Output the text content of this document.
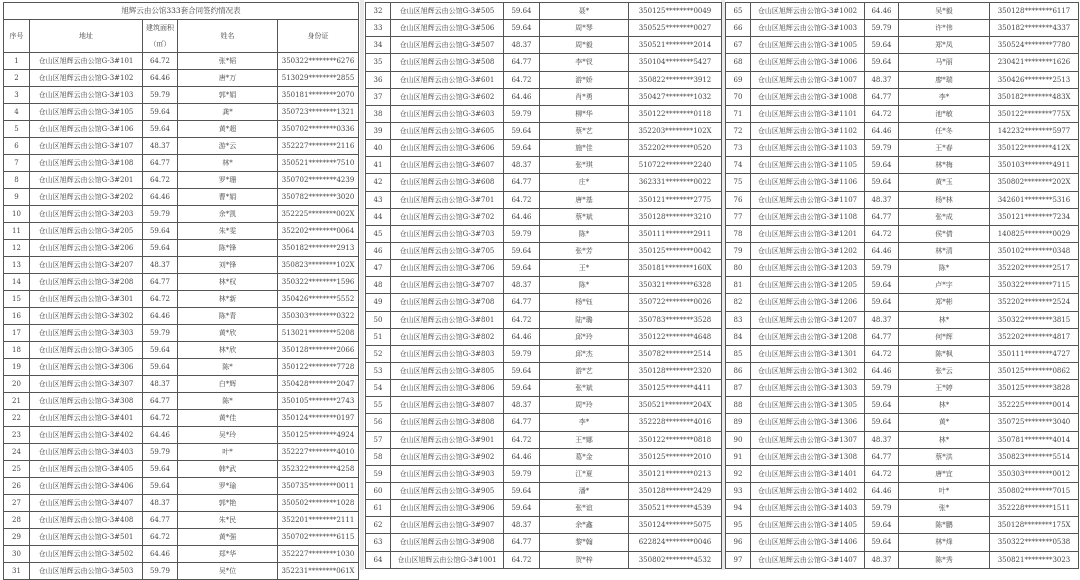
旭辉云由公馆333套合同签约情况表				
序号	地址	建筑面积（㎡）	姓名	身份证
1	仓山区旭辉云由公馆G-3#101	64.72	张*韬	350322********6276
2	仓山区旭辉云由公馆G-3#102	64.46	唐*万	513029********2855
3	仓山区旭辉云由公馆G-3#103	59.79	郭*娟	350181********2070
4	仓山区旭辉云由公馆G-3#105	59.64	龚*	350723********1321
5	仓山区旭辉云由公馆G-3#106	59.64	黄*超	350702********0336
6	仓山区旭辉云由公馆G-3#107	48.37	游*云	352227********2116
7	仓山区旭辉云由公馆G-3#108	64.77	林*	350521********7510
8	仓山区旭辉云由公馆G-3#201	64.72	罗*珊	350702********4239
9	仓山区旭辉云由公馆G-3#202	64.46	曹*娟	350782********3020
10	仓山区旭辉云由公馆G-3#203	59.79	余*凯	352225********002X
11	仓山区旭辉云由公馆G-3#205	59.64	朱*雯	352202********0064
12	仓山区旭辉云由公馆G-3#206	59.64	陈*锋	350182********2913
13	仓山区旭辉云由公馆G-3#207	48.37	刘*锋	350823********102X
14	仓山区旭辉云由公馆G-3#208	64.77	林*权	350322********1596
15	仓山区旭辉云由公馆G-3#301	64.72	林*新	350426********5552
16	仓山区旭辉云由公馆G-3#302	64.46	陈*青	350303********0322
17	仓山区旭辉云由公馆G-3#303	59.79	黄*欣	513021********5208
18	仓山区旭辉云由公馆G-3#305	59.64	林*欣	350128********2066
19	仓山区旭辉云由公馆G-3#306	59.64	陈*	350122********7728
20	仓山区旭辉云由公馆G-3#307	48.37	白*辉	350428********2047
21	仓山区旭辉云由公馆G-3#308	64.77	陈*	350105********2743
22	仓山区旭辉云由公馆G-3#401	64.72	黄*佳	350124********0197
23	仓山区旭辉云由公馆G-3#402	64.46	吴*玲	350125********4924
24	仓山区旭辉云由公馆G-3#403	59.79	叶*	352227********4010
25	仓山区旭辉云由公馆G-3#405	59.64	韩*武	352322********4258
26	仓山区旭辉云由公馆G-3#406	59.64	罗*瑜	350735********0011
27	仓山区旭辉云由公馆G-3#407	48.37	郭*艳	350502********1028
28	仓山区旭辉云由公馆G-3#408	64.77	朱*民	352201********2111
29	仓山区旭辉云由公馆G-3#501	64.72	黄*强	350702********6115
30	仓山区旭辉云由公馆G-3#502	64.46	郑*华	352227********1030
31	仓山区旭辉云由公馆G-3#503	59.79	吴*位	352231********061X
32	仓山区旭辉云由公馆G-3#505	59.64	聂*	350125********0049
33	仓山区旭辉云由公馆G-3#506	59.64	周*琴	350525********0027
34	仓山区旭辉云由公馆G-3#507	48.37	周*毅	350521********2014
35	仓山区旭辉云由公馆G-3#508	64.77	李*钗	350104********5427
36	仓山区旭辉云由公馆G-3#601	64.72	游*娇	350822********3912
37	仓山区旭辉云由公馆G-3#602	64.46	肖*勇	350427********1032
38	仓山区旭辉云由公馆G-3#603	59.79	柳*华	350122********0118
39	仓山区旭辉云由公馆G-3#605	59.64	蔡*艺	352203********102X
40	仓山区旭辉云由公馆G-3#606	59.64	施*佳	352202********0520
41	仓山区旭辉云由公馆G-3#607	48.37	张*琪	510722********2240
42	仓山区旭辉云由公馆G-3#608	64.77	庄*	362331********0022
43	仓山区旭辉云由公馆G-3#701	64.72	唐*基	350121********2775
44	仓山区旭辉云由公馆G-3#702	64.46	蔡*斌	350128********3210
45	仓山区旭辉云由公馆G-3#703	59.79	陈*	350111********2911
46	仓山区旭辉云由公馆G-3#705	59.64	张*芳	350125********0042
47	仓山区旭辉云由公馆G-3#706	59.64	王*	350181********160X
48	仓山区旭辉云由公馆G-3#707	48.37	陈*	350321********6328
49	仓山区旭辉云由公馆G-3#708	64.77	杨*钰	350722********0026
50	仓山区旭辉云由公馆G-3#801	64.72	陆*璐	350783********3528
51	仓山区旭辉云由公馆G-3#802	64.46	邱*玲	350122********4648
52	仓山区旭辉云由公馆G-3#803	59.79	邱*杰	350782********2514
53	仓山区旭辉云由公馆G-3#805	59.64	游*艺	350128********2320
54	仓山区旭辉云由公馆G-3#806	59.64	张*斌	350125********4411
55	仓山区旭辉云由公馆G-3#807	48.37	周*玲	350521********204X
56	仓山区旭辉云由公馆G-3#808	64.77	李*	352228********4016
57	仓山区旭辉云由公馆G-3#901	64.72	王*娜	350122********0818
58	仓山区旭辉云由公馆G-3#902	64.46	葛*金	350125********2010
59	仓山区旭辉云由公馆G-3#903	59.79	江*夏	350121********0213
60	仓山区旭辉云由公馆G-3#905	59.64	潘*	350128********2429
61	仓山区旭辉云由公馆G-3#906	59.64	张*谊	350521********4539
62	仓山区旭辉云由公馆G-3#907	48.37	余*鑫	350124********5075
63	仓山区旭辉云由公馆G-3#908	64.77	黎*翰	622824********0046
64	仓山区旭辉云由公馆G-3#1001	64.72	贺*梓	350802********4532
65	仓山区旭辉云由公馆G-3#1002	64.46	吴*毅	350128********6117
66	仓山区旭辉云由公馆G-3#1003	59.79	许*伟	350182********4337
67	仓山区旭辉云由公馆G-3#1005	59.64	郑*凤	350524********7780
68	仓山区旭辉云由公馆G-3#1006	59.64	马*丽	230421********1626
69	仓山区旭辉云由公馆G-3#1007	48.37	廖*瑞	350426********2513
70	仓山区旭辉云由公馆G-3#1008	64.77	李*	350182********483X
71	仓山区旭辉云由公馆G-3#1101	64.72	池*敏	350122********775X
72	仓山区旭辉云由公馆G-3#1102	64.46	任*冬	142232********5977
73	仓山区旭辉云由公馆G-3#1103	59.79	王*春	350122********412X
74	仓山区旭辉云由公馆G-3#1105	59.64	林*梅	350103********4911
75	仓山区旭辉云由公馆G-3#1106	59.64	黄*玉	350802********202X
76	仓山区旭辉云由公馆G-3#1107	48.37	杨*林	342601********5316
77	仓山区旭辉云由公馆G-3#1108	64.77	张*成	350121********7234
78	仓山区旭辉云由公馆G-3#1201	64.72	侯*倩	140825********0029
79	仓山区旭辉云由公馆G-3#1202	64.46	林*清	350102********0348
80	仓山区旭辉云由公馆G-3#1203	59.79	陈*	352202********2517
81	仓山区旭辉云由公馆G-3#1205	59.64	卢*宇	350322********7115
82	仓山区旭辉云由公馆G-3#1206	59.64	郑*彬	352202********2524
83	仓山区旭辉云由公馆G-3#1207	48.37	林*	350322********3815
84	仓山区旭辉云由公馆G-3#1208	64.77	何*辉	352202********4817
85	仓山区旭辉云由公馆G-3#1301	64.72	陈*枫	350111********4727
86	仓山区旭辉云由公馆G-3#1302	64.46	张*云	350125********0862
87	仓山区旭辉云由公馆G-3#1303	59.79	王*婷	350125********3828
88	仓山区旭辉云由公馆G-3#1305	59.64	林*	352225********0014
89	仓山区旭辉云由公馆G-3#1306	59.64	黄*	350725********3040
90	仓山区旭辉云由公馆G-3#1307	48.37	林*	350781********4014
91	仓山区旭辉云由公馆G-3#1308	64.77	蔡*洪	350823********5514
92	仓山区旭辉云由公馆G-3#1401	64.72	唐*宜	350303********0012
93	仓山区旭辉云由公馆G-3#1402	64.46	叶*	350802********7015
94	仓山区旭辉云由公馆G-3#1403	59.79	张*	352228********1511
95	仓山区旭辉云由公馆G-3#1405	59.64	陈*鹏	350128********175X
96	仓山区旭辉云由公馆G-3#1406	59.64	林*烽	350322********0538
97	仓山区旭辉云由公馆G-3#1407	48.37	陈*秀	350821********3023
